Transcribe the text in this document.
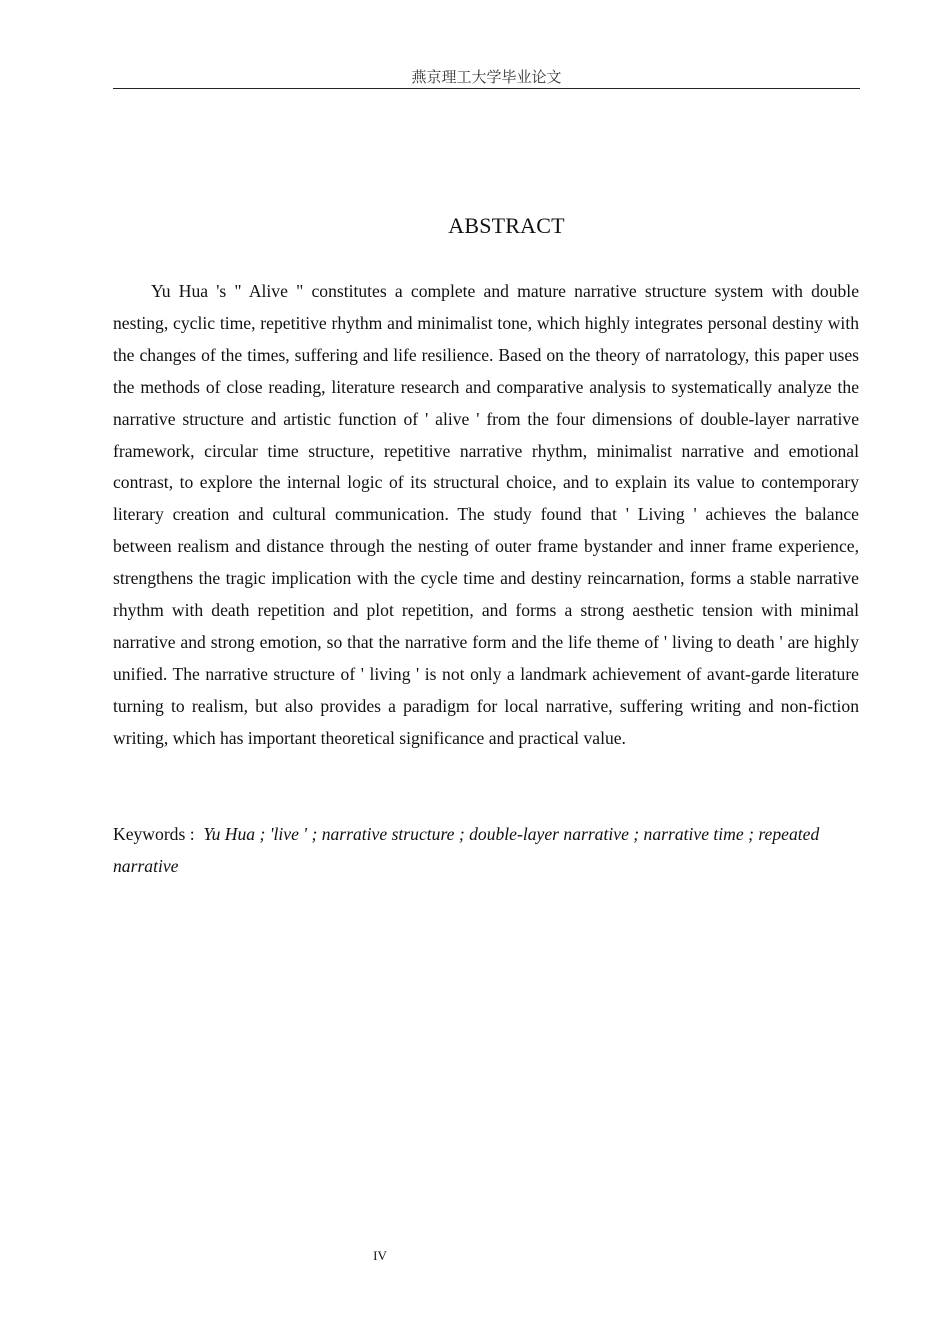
燕京理工大学毕业论文
ABSTRACT

Yu Hua 's " Alive " constitutes a complete and mature narrative structure system with double nesting, cyclic time, repetitive rhythm and minimalist tone, which highly integrates personal destiny with the changes of the times, suffering and life resilience. Based on the theory of narratology, this paper uses the methods of close reading, literature research and comparative analysis to systematically analyze the narrative structure and artistic function of ' alive ' from the four dimensions of double-layer narrative framework, circular time structure, repetitive narrative rhythm, minimalist narrative and emotional contrast, to explore the internal logic of its structural choice, and to explain its value to contemporary literary creation and cultural communication. The study found that ' Living ' achieves the balance between realism and distance through the nesting of outer frame bystander and inner frame experience, strengthens the tragic implication with the cycle time and destiny reincarnation, forms a stable narrative rhythm with death repetition and plot repetition, and forms a strong aesthetic tension with minimal narrative and strong emotion, so that the narrative form and the life theme of ' living to death ' are highly unified. The narrative structure of ' living ' is not only a landmark achievement of avant-garde literature turning to realism, but also provides a paradigm for local narrative, suffering writing and non-fiction writing, which has important theoretical significance and practical value.

Keywords : Yu Hua ; 'live ' ; narrative structure ; double-layer narrative ; narrative time ; repeated narrative

IV
